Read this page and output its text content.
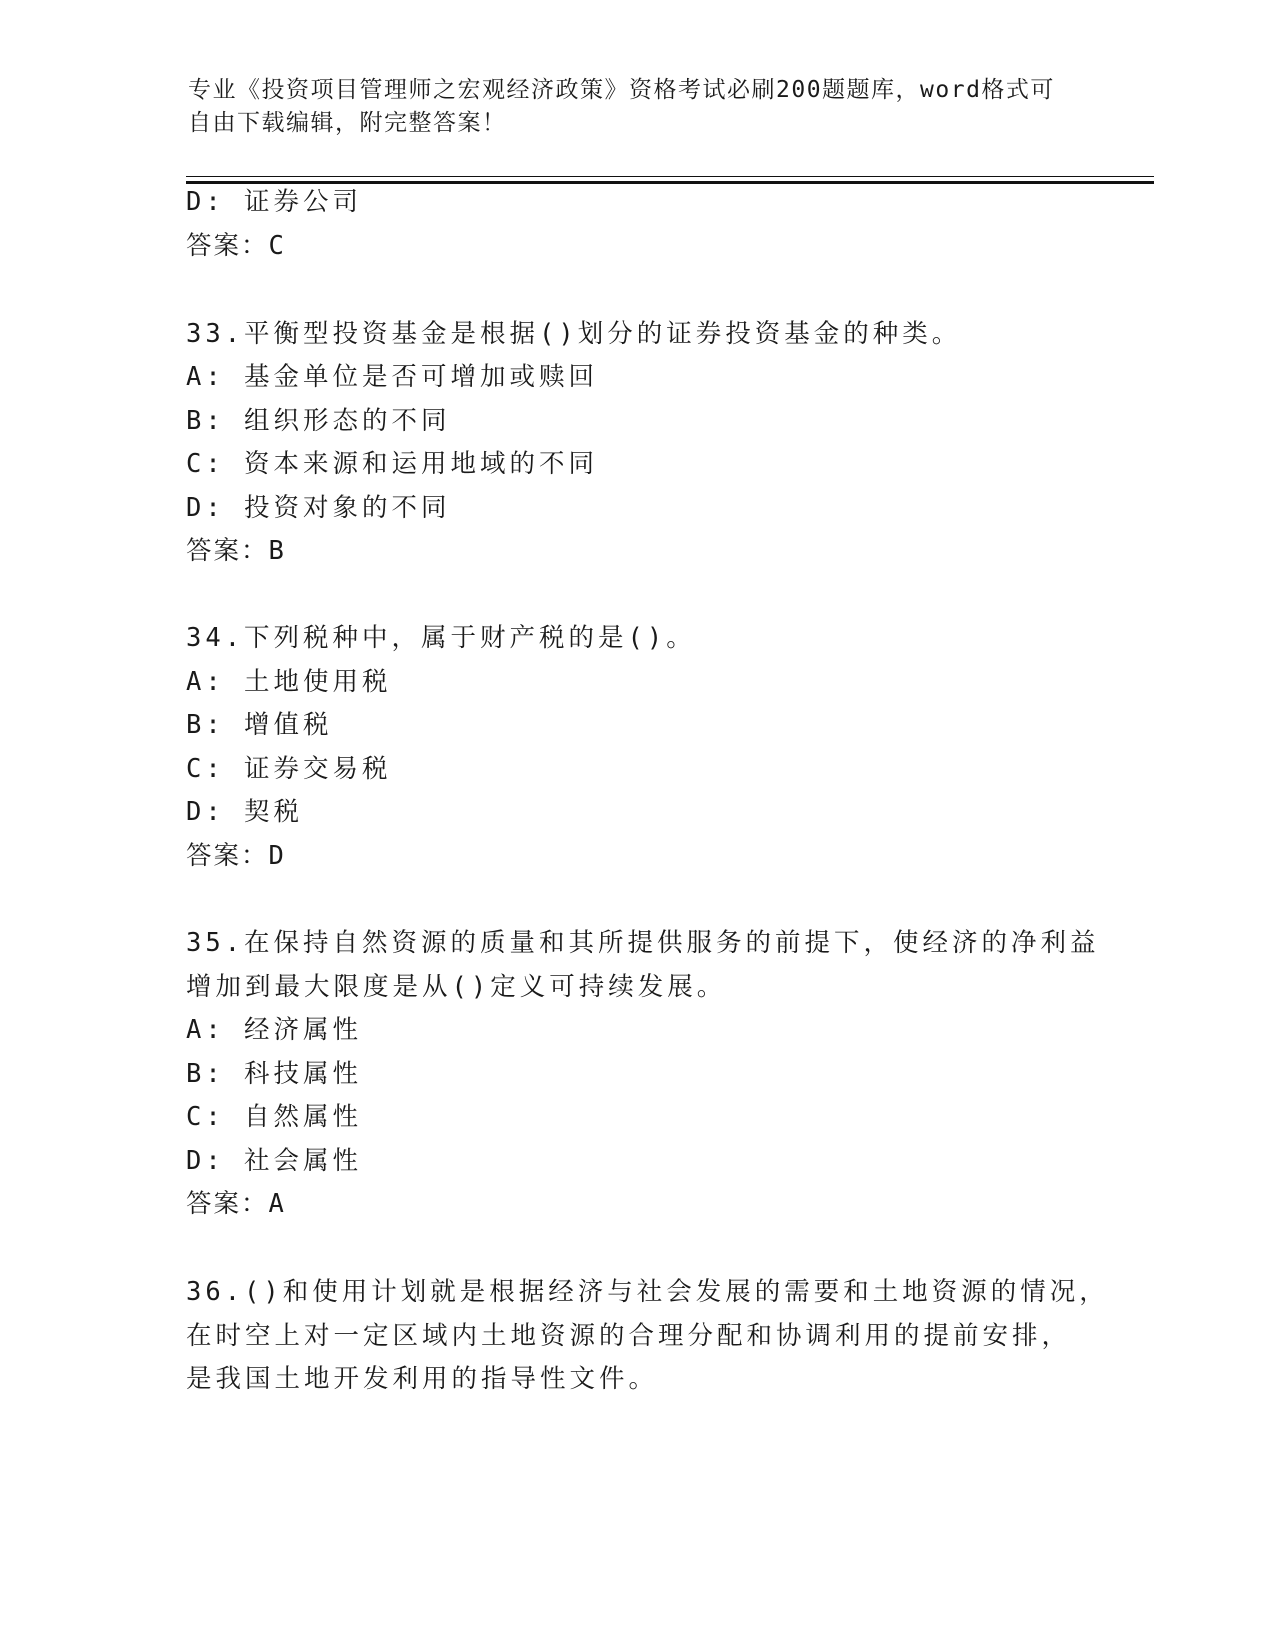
专业《投资项目管理师之宏观经济政策》资格考试必刷200题题库，word格式可
自由下载编辑，附完整答案！
D: 证券公司
答案：C
33.平衡型投资基金是根据()划分的证券投资基金的种类。
A: 基金单位是否可增加或赎回
B: 组织形态的不同
C: 资本来源和运用地域的不同
D: 投资对象的不同
答案：B
34.下列税种中，属于财产税的是()。
A: 土地使用税
B: 增值税
C: 证券交易税
D: 契税
答案：D
35.在保持自然资源的质量和其所提供服务的前提下，使经济的净利益
增加到最大限度是从()定义可持续发展。
A: 经济属性
B: 科技属性
C: 自然属性
D: 社会属性
答案：A
36.()和使用计划就是根据经济与社会发展的需要和土地资源的情况，
在时空上对一定区域内土地资源的合理分配和协调利用的提前安排，
是我国土地开发利用的指导性文件。
